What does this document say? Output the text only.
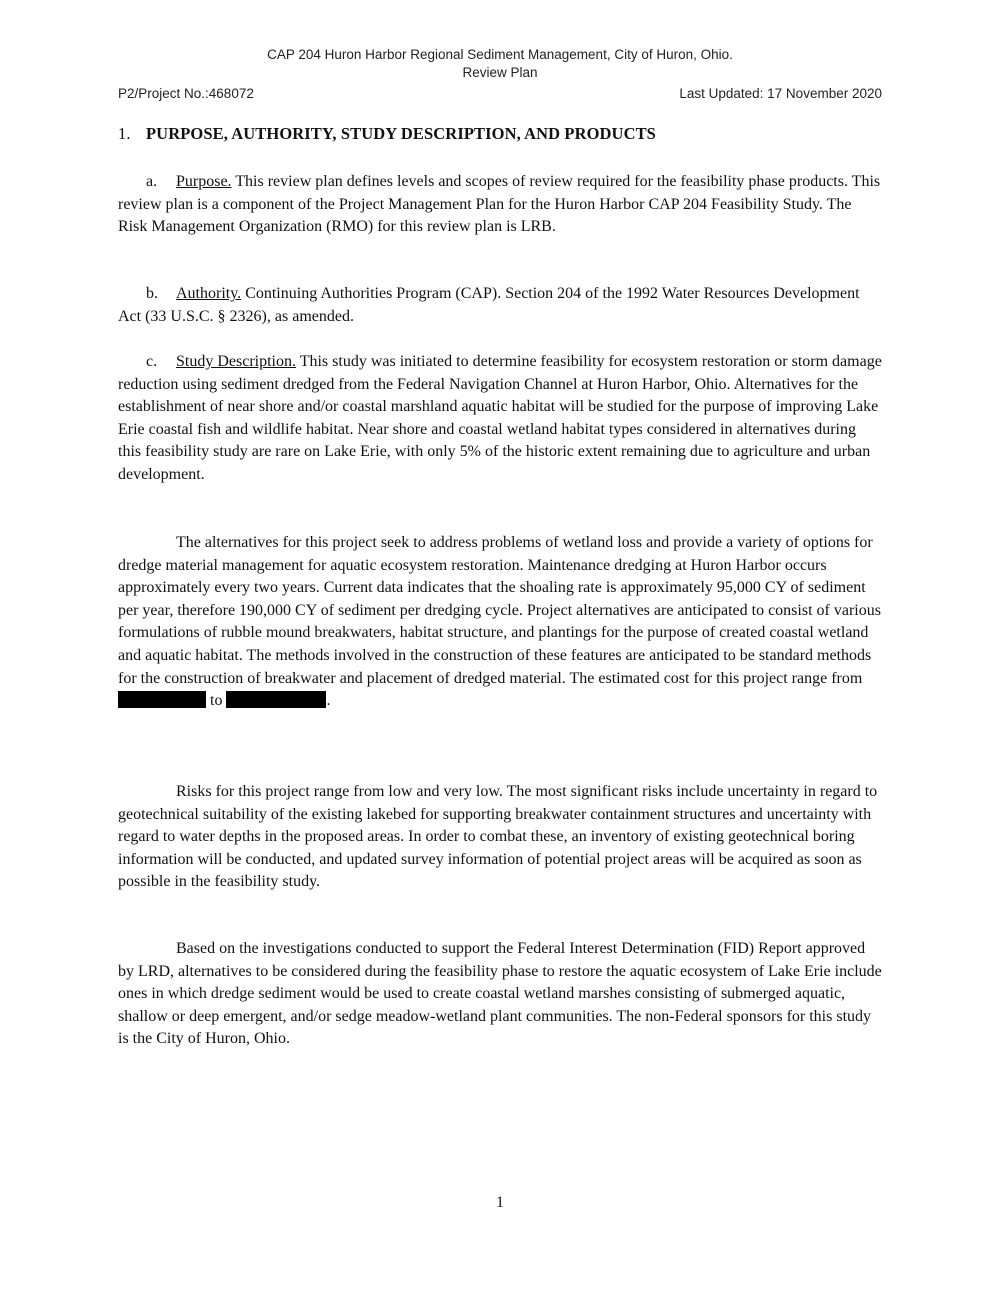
CAP 204 Huron Harbor Regional Sediment Management, City of Huron, Ohio.
Review Plan
P2/Project No.:468072	Last Updated: 17 November 2020
1. PURPOSE, AUTHORITY, STUDY DESCRIPTION, AND PRODUCTS
a. Purpose. This review plan defines levels and scopes of review required for the feasibility phase products. This review plan is a component of the Project Management Plan for the Huron Harbor CAP 204 Feasibility Study. The Risk Management Organization (RMO) for this review plan is LRB.
b. Authority. Continuing Authorities Program (CAP). Section 204 of the 1992 Water Resources Development Act (33 U.S.C. § 2326), as amended.
c. Study Description. This study was initiated to determine feasibility for ecosystem restoration or storm damage reduction using sediment dredged from the Federal Navigation Channel at Huron Harbor, Ohio. Alternatives for the establishment of near shore and/or coastal marshland aquatic habitat will be studied for the purpose of improving Lake Erie coastal fish and wildlife habitat. Near shore and coastal wetland habitat types considered in alternatives during this feasibility study are rare on Lake Erie, with only 5% of the historic extent remaining due to agriculture and urban development.
The alternatives for this project seek to address problems of wetland loss and provide a variety of options for dredge material management for aquatic ecosystem restoration. Maintenance dredging at Huron Harbor occurs approximately every two years. Current data indicates that the shoaling rate is approximately 95,000 CY of sediment per year, therefore 190,000 CY of sediment per dredging cycle. Project alternatives are anticipated to consist of various formulations of rubble mound breakwaters, habitat structure, and plantings for the purpose of created coastal wetland and aquatic habitat. The methods involved in the construction of these features are anticipated to be standard methods for the construction of breakwater and placement of dredged material. The estimated cost for this project range from
to	.
Risks for this project range from low and very low. The most significant risks include uncertainty in regard to geotechnical suitability of the existing lakebed for supporting breakwater containment structures and uncertainty with regard to water depths in the proposed areas. In order to combat these, an inventory of existing geotechnical boring information will be conducted, and updated survey information of potential project areas will be acquired as soon as possible in the feasibility study.
Based on the investigations conducted to support the Federal Interest Determination (FID) Report approved by LRD, alternatives to be considered during the feasibility phase to restore the aquatic ecosystem of Lake Erie include ones in which dredge sediment would be used to create coastal wetland marshes consisting of submerged aquatic, shallow or deep emergent, and/or sedge meadow-wetland plant communities. The non-Federal sponsors for this study is the City of Huron, Ohio.
1
